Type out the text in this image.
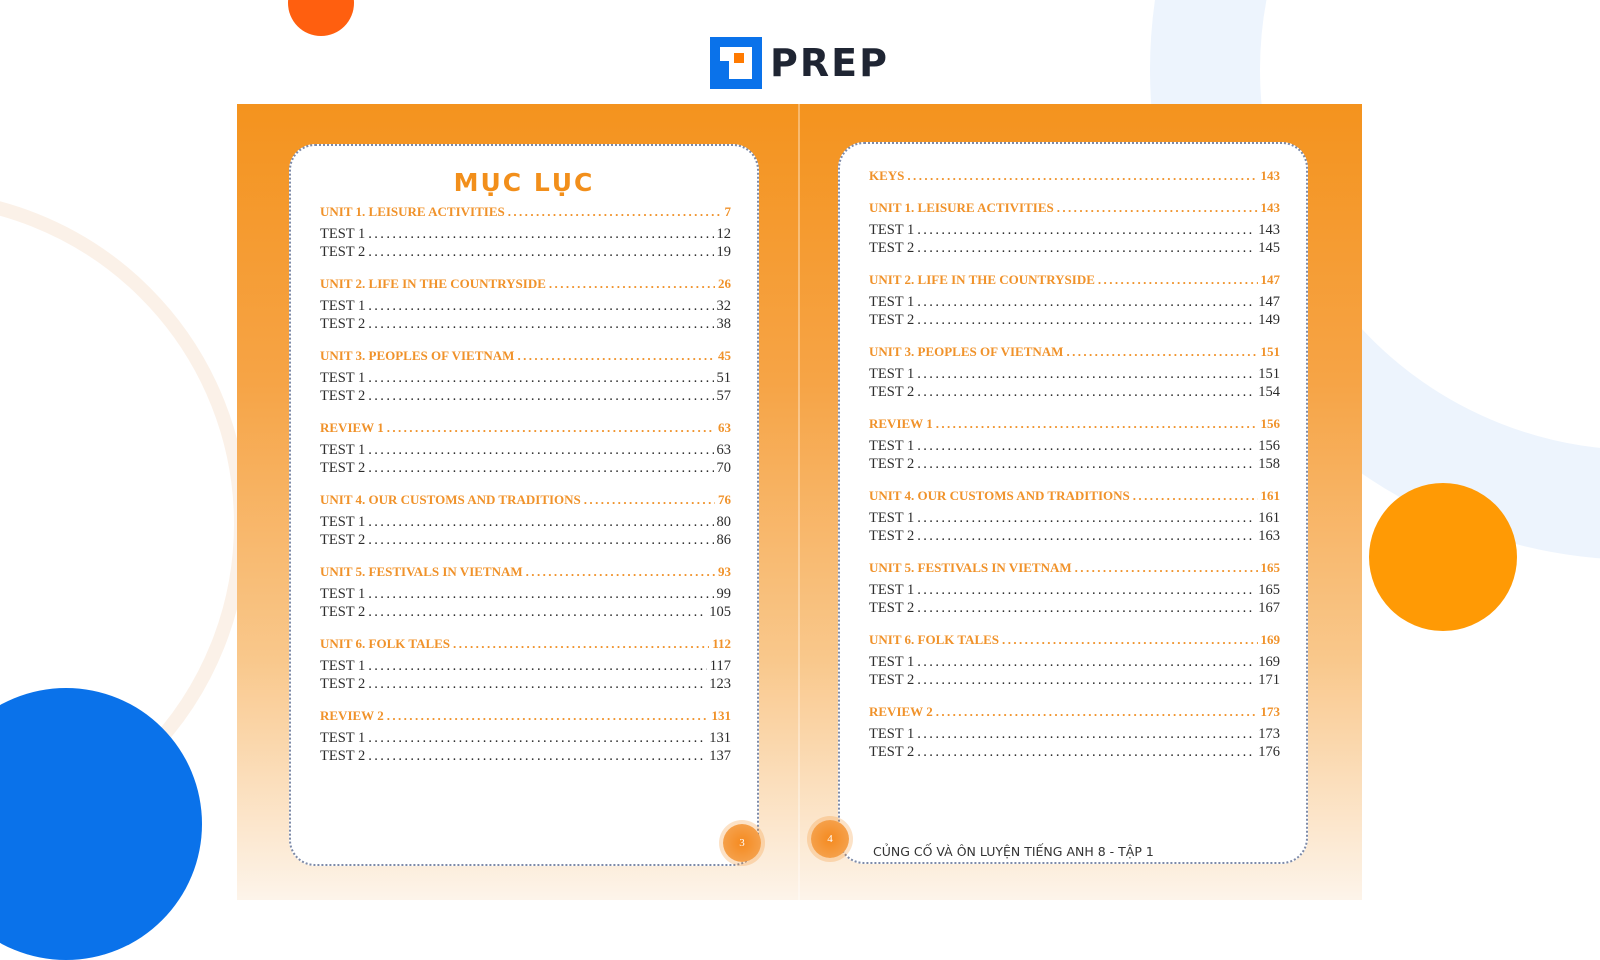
PREP
MỤC LỤC
UNIT 1. LEISURE ACTIVITIES .....	7
TEST 1 .....	12
TEST 2 .....	19
UNIT 2. LIFE IN THE COUNTRYSIDE .....	26
TEST 1 .....	32
TEST 2 .....	38
UNIT 3. PEOPLES OF VIETNAM .....	45
TEST 1 .....	51
TEST 2 .....	57
REVIEW 1 .....	63
TEST 1 .....	63
TEST 2 .....	70
UNIT 4. OUR CUSTOMS AND TRADITIONS .....	76
TEST 1 .....	80
TEST 2 .....	86
UNIT 5. FESTIVALS IN VIETNAM .....	93
TEST 1 .....	99
TEST 2 .....	105
UNIT 6. FOLK TALES .....	112
TEST 1 .....	117
TEST 2 .....	123
REVIEW 2 .....	131
TEST 1 .....	131
TEST 2 .....	137
KEYS .....	143
UNIT 1. LEISURE ACTIVITIES .....	143
TEST 1 .....	143
TEST 2 .....	145
UNIT 2. LIFE IN THE COUNTRYSIDE .....	147
TEST 1 .....	147
TEST 2 .....	149
UNIT 3. PEOPLES OF VIETNAM .....	151
TEST 1 .....	151
TEST 2 .....	154
REVIEW 1 .....	156
TEST 1 .....	156
TEST 2 .....	158
UNIT 4. OUR CUSTOMS AND TRADITIONS .....	161
TEST 1 .....	161
TEST 2 .....	163
UNIT 5. FESTIVALS IN VIETNAM .....	165
TEST 1 .....	165
TEST 2 .....	167
UNIT 6. FOLK TALES .....	169
TEST 1 .....	169
TEST 2 .....	171
REVIEW 2 .....	173
TEST 1 .....	173
TEST 2 .....	176
3	4
CỦNG CỐ VÀ ÔN LUYỆN TIẾNG ANH 8 - TẬP 1
